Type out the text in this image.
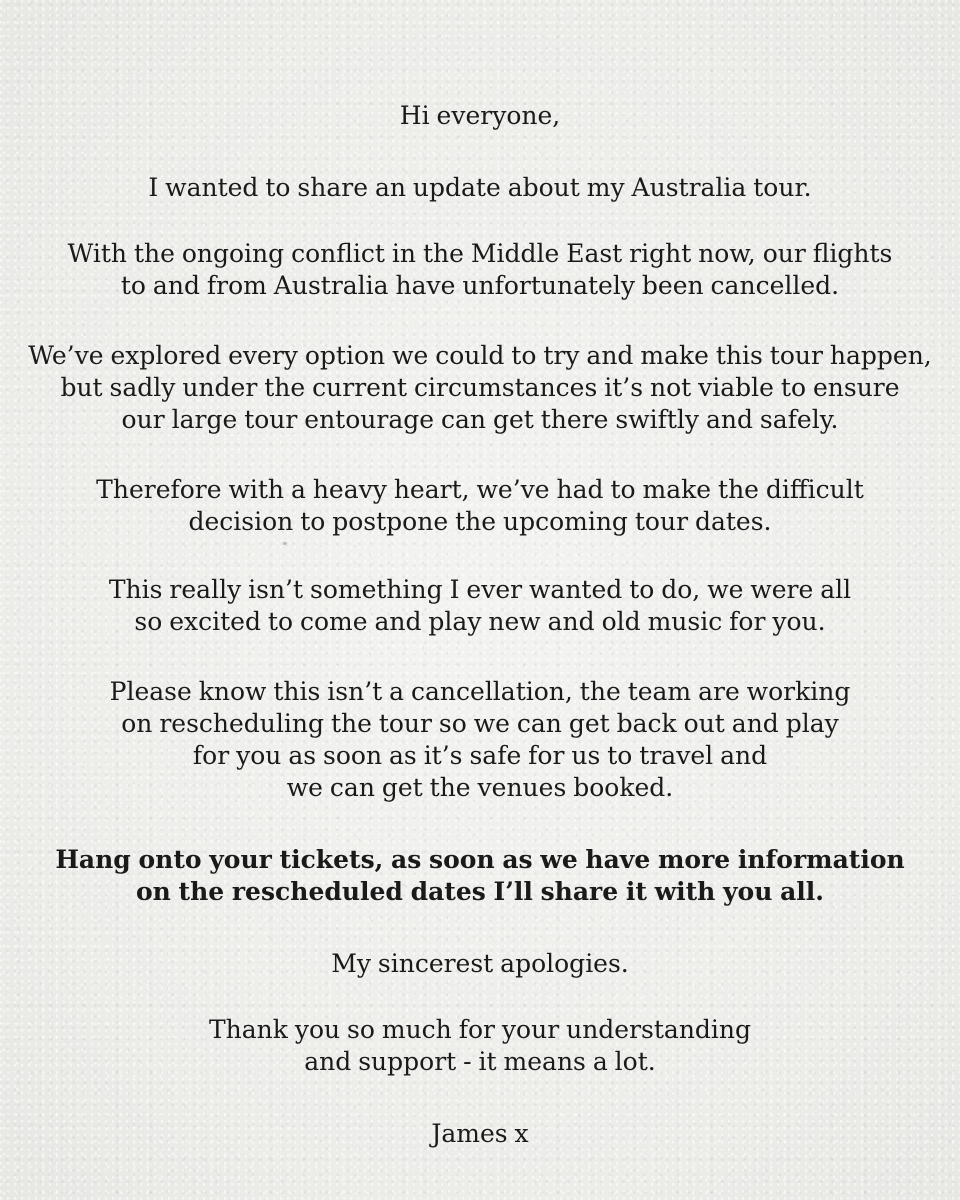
Hi everyone,

I wanted to share an update about my Australia tour.

With the ongoing conflict in the Middle East right now, our flights
to and from Australia have unfortunately been cancelled.

We’ve explored every option we could to try and make this tour happen,
but sadly under the current circumstances it’s not viable to ensure
our large tour entourage can get there swiftly and safely.

Therefore with a heavy heart, we’ve had to make the difficult
decision to postpone the upcoming tour dates.

This really isn’t something I ever wanted to do, we were all
so excited to come and play new and old music for you.

Please know this isn’t a cancellation, the team are working
on rescheduling the tour so we can get back out and play
for you as soon as it’s safe for us to travel and
we can get the venues booked.

Hang onto your tickets, as soon as we have more information
on the rescheduled dates I’ll share it with you all.

My sincerest apologies.

Thank you so much for your understanding
and support - it means a lot.

James x
